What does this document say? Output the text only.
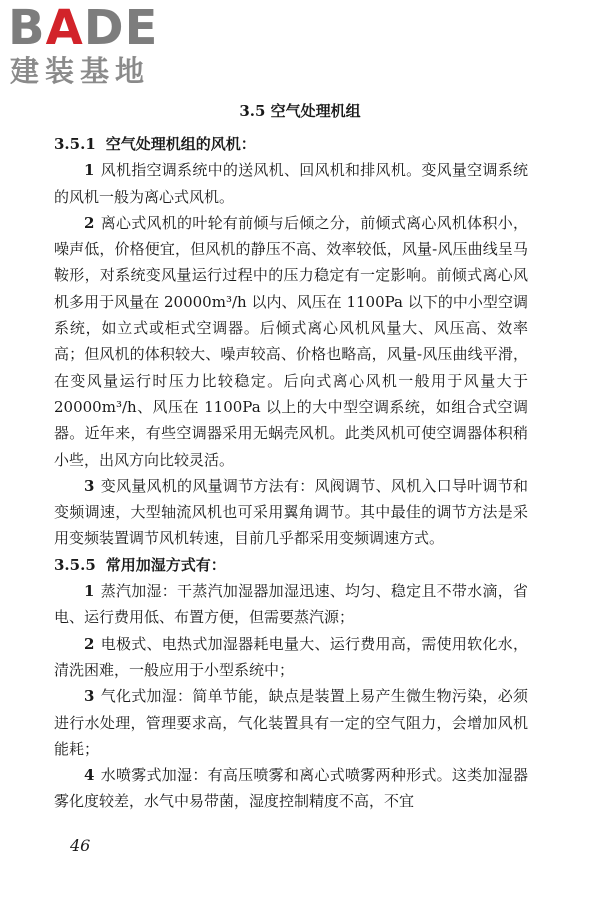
BADE
建装基地
3.5 空气处理机组

3.5.1 空气处理机组的风机：

1 风机指空调系统中的送风机、回风机和排风机。变风量空调系统的风机一般为离心式风机。

2 离心式风机的叶轮有前倾与后倾之分，前倾式离心风机体积小，噪声低，价格便宜，但风机的静压不高、效率较低，风量-风压曲线呈马鞍形，对系统变风量运行过程中的压力稳定有一定影响。前倾式离心风机多用于风量在 20000m³/h 以内、风压在 1100Pa 以下的中小型空调系统，如立式或柜式空调器。后倾式离心风机风量大、风压高、效率高；但风机的体积较大、噪声较高、价格也略高，风量-风压曲线平滑，在变风量运行时压力比较稳定。后向式离心风机一般用于风量大于 20000m³/h、风压在 1100Pa 以上的大中型空调系统，如组合式空调器。近年来，有些空调器采用无蜗壳风机。此类风机可使空调器体积稍小些，出风方向比较灵活。

3 变风量风机的风量调节方法有：风阀调节、风机入口导叶调节和变频调速，大型轴流风机也可采用翼角调节。其中最佳的调节方法是采用变频装置调节风机转速，目前几乎都采用变频调速方式。

3.5.5 常用加湿方式有：

1 蒸汽加湿：干蒸汽加湿器加湿迅速、均匀、稳定且不带水滴，省电、运行费用低、布置方便，但需要蒸汽源；

2 电极式、电热式加湿器耗电量大、运行费用高，需使用软化水，清洗困难，一般应用于小型系统中；

3 气化式加湿：简单节能，缺点是装置上易产生微生物污染，必须进行水处理，管理要求高，气化装置具有一定的空气阻力，会增加风机能耗；

4 水喷雾式加湿：有高压喷雾和离心式喷雾两种形式。这类加湿器雾化度较差，水气中易带菌，湿度控制精度不高，不宜

46
